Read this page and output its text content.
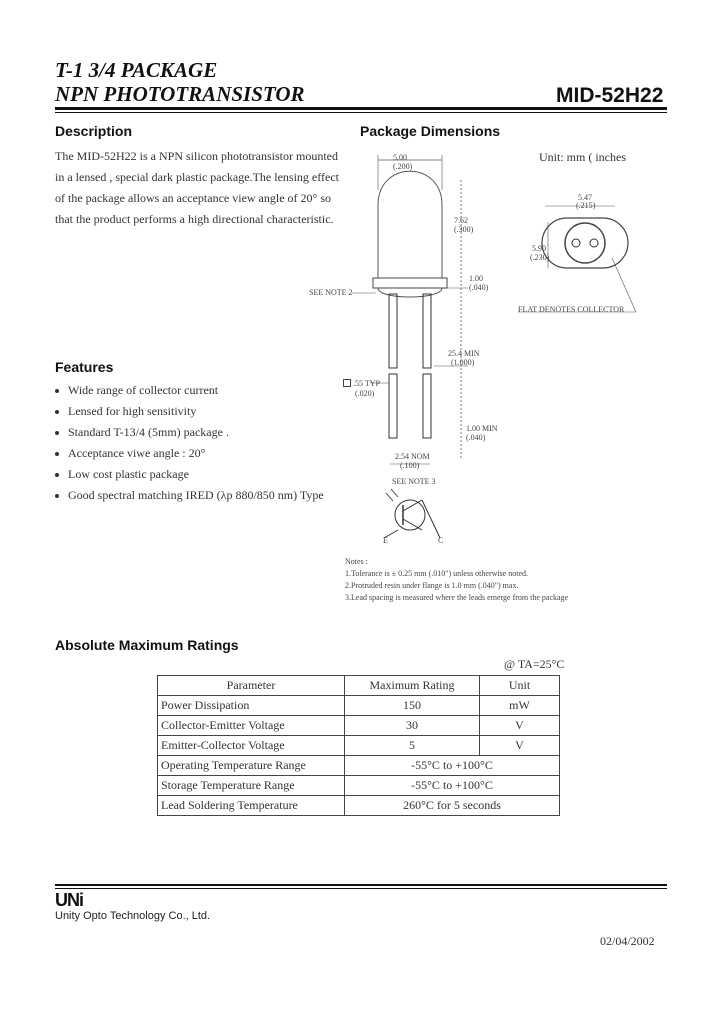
T-1 3/4 PACKAGE
NPN PHOTOTRANSISTOR	MID-52H22
Description
The MID-52H22 is a NPN silicon phototransistor mounted
in a lensed , special dark plastic package.The lensing effect
of the package allows an acceptance view angle of 20° so
that the product performs a high directional characteristic.
Package Dimensions
Unit: mm ( inches
5.00
(.200)
7.62
(.300)
1.00
(.040)
SEE NOTE 2
25.4 MIN
(1.000)
.55 TYP
(.020)
1.00 MIN
(.040)
2.54 NOM
(.100)
SEE NOTE 3
E	C
5.47
(.215)
5.90
(.230)
FLAT DENOTES COLLECTOR
Notes :
1.Tolerance is ± 0.25 mm (.010") unless otherwise noted.
2.Protruded resin under flange is 1.0 mm (.040") max.
3.Lead spacing is measured where the leads emerge from the package
Features
Wide range of collector current
Lensed for high sensitivity
Standard T-13/4 (5mm) package .
Acceptance viwe angle : 20°
Low cost plastic package
Good spectral matching IRED (λp 880/850 nm) Type
Absolute Maximum Ratings
@ TA=25°C
Parameter	Maximum Rating	Unit
Power Dissipation	150	mW
Collector-Emitter Voltage	30	V
Emitter-Collector Voltage	5	V
Operating Temperature Range	-55°C to +100°C	
Storage Temperature Range	-55°C to +100°C	
Lead Soldering Temperature	260°C for 5 seconds	
UNi
Unity Opto Technology Co., Ltd.
02/04/2002
